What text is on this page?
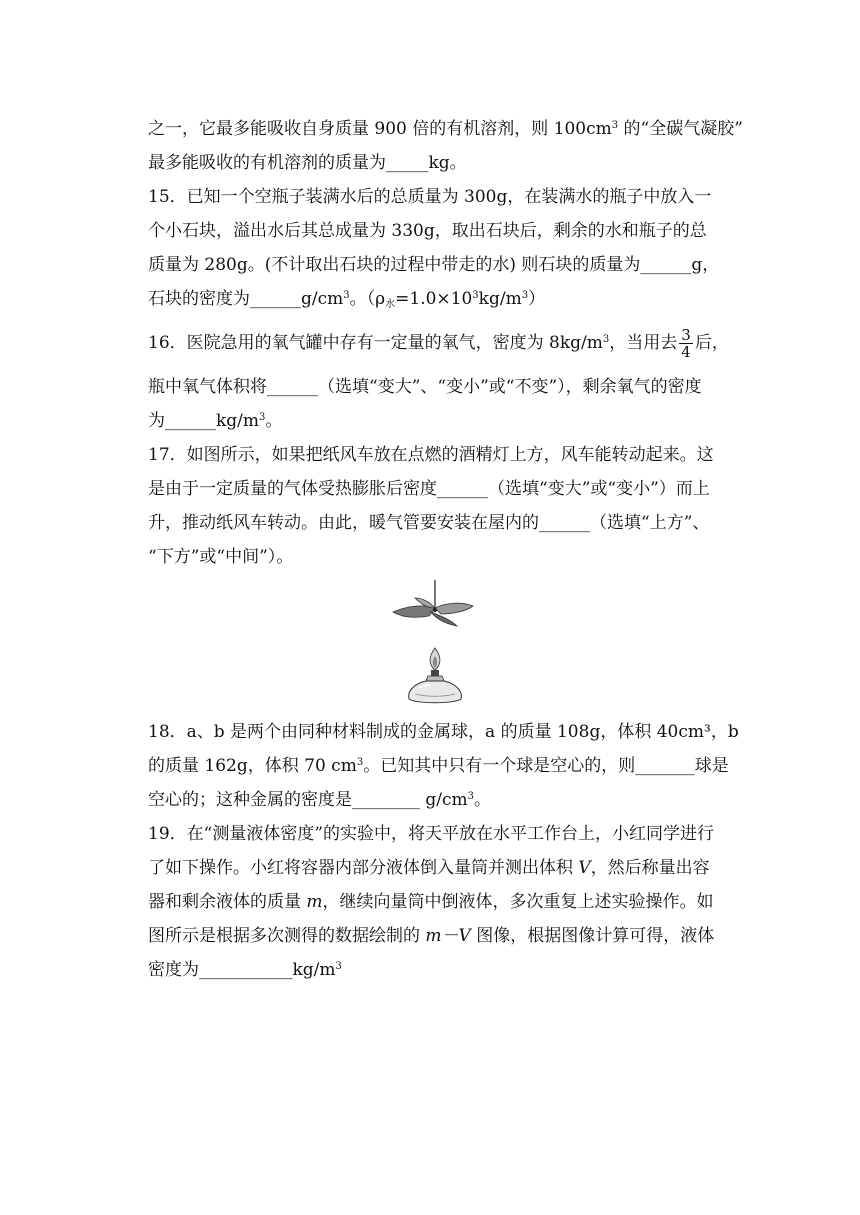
之一，它最多能吸收自身质量 900 倍的有机溶剂，则 $100cm^3$ 的“全碳气凝胶”
最多能吸收的有机溶剂的质量为_____kg。
15．已知一个空瓶子装满水后的总质量为 300g，在装满水的瓶子中放入一
个小石块，溢出水后其总成量为 330g，取出石块后，剩余的水和瓶子的总
质量为 280g。(不计取出石块的过程中带走的水) 则石块的质量为______g，
石块的密度为$\_\_\_\_\_\_g/cm^3$。$(\rho_水=1.0\times 10^3kg/m^3)$
16．医院急用的氧气罐中存有一定量的氧气，密度为 $8kg/m^3$，当用去 $\frac{3}{4}$ 后，
瓶中氧气体积将______（选填“变大”、“变小”或“不变”），剩余氧气的密度
为$\_\_\_\_\_\_kg/m^3$。
17．如图所示，如果把纸风车放在点燃的酒精灯上方，风车能转动起来。这
是由于一定质量的气体受热膨胀后密度______（选填“变大”或“变小”）而上
升，推动纸风车转动。由此，暖气管要安装在屋内的______（选填“上方”、
“下方”或“中间”）。
18．a、b 是两个由同种材料制成的金属球，a 的质量 108g，体积 40cm³，b
的质量 162g，体积 70 $cm^3$。已知其中只有一个球是空心的，则_______球是
空心的；这种金属的密度是________ $g/cm^3$。
19．在“测量液体密度”的实验中，将天平放在水平工作台上，小红同学进行
了如下操作。小红将容器内部分液体倒入量筒并测出体积 V，然后称量出容
器和剩余液体的质量 m，继续向量筒中倒液体，多次重复上述实验操作。如
图所示是根据多次测得的数据绘制的 m－V 图像，根据图像计算可得，液体
密度为$\_\_\_\_\_\_\_\_\_\_\_kg/m^3$
